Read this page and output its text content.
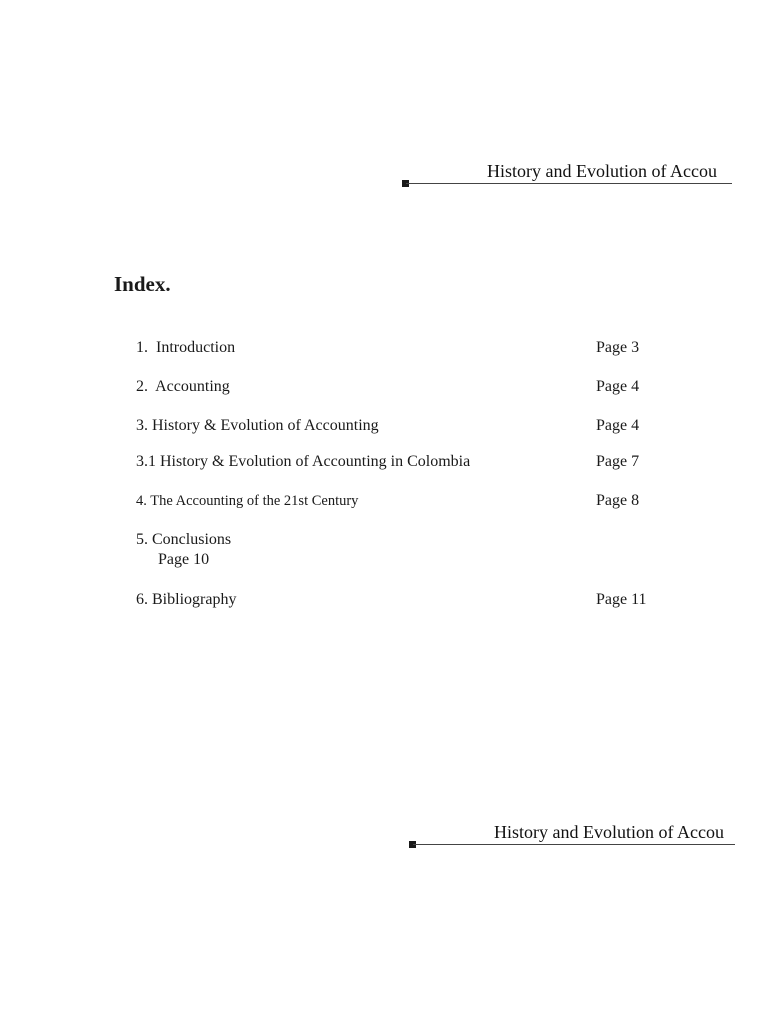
History and Evolution of Accou
Index.
1.  Introduction	Page 3
2.  Accounting	Page 4
3. History & Evolution of Accounting	Page 4
3.1 History & Evolution of Accounting in Colombia	Page 7
4. The Accounting of the 21st Century	Page 8
5. Conclusions
Page 10
6. Bibliography	Page 11
History and Evolution of Accou
